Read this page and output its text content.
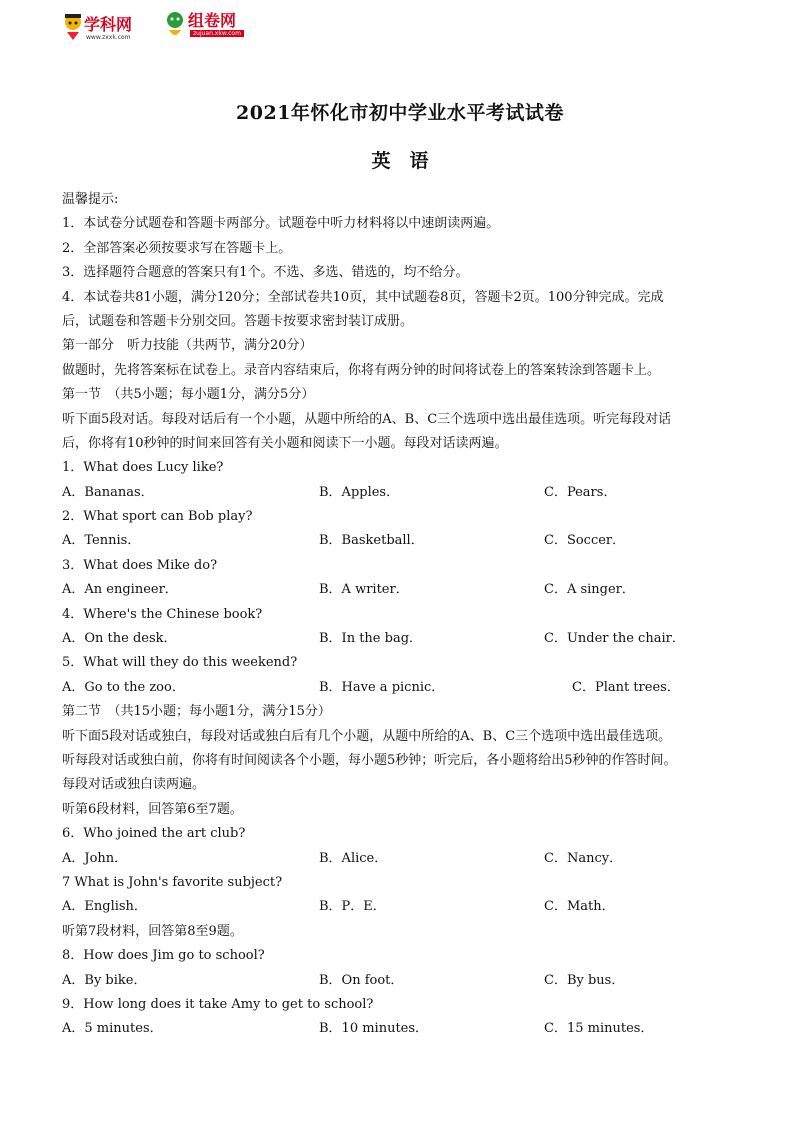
学科网
www.zxxk.com
组卷网
zujuan.xkw.com
2021年怀化市初中学业水平考试试卷
英　语
温馨提示:
1．本试卷分试题卷和答题卡两部分。试题卷中听力材料将以中速朗读两遍。
2．全部答案必须按要求写在答题卡上。
3．选择题符合题意的答案只有1个。不选、多选、错选的，均不给分。
4．本试卷共81小题，满分120分；全部试卷共10页，其中试题卷8页，答题卡2页。100分钟完成。完成
后，试题卷和答题卡分别交回。答题卡按要求密封装订成册。
第一部分　听力技能（共两节，满分20分）
做题时，先将答案标在试卷上。录音内容结束后，你将有两分钟的时间将试卷上的答案转涂到答题卡上。
第一节　（共5小题；每小题1分，满分5分）
听下面5段对话。每段对话后有一个小题，从题中所给的A、B、C三个选项中选出最佳选项。听完每段对话
后，你将有10秒钟的时间来回答有关小题和阅读下一小题。每段对话读两遍。
1．What does Lucy like?
A．Bananas．	B．Apples．	C．Pears．
2．What sport can Bob play?
A．Tennis．	B．Basketball．	C．Soccer．
3．What does Mike do?
A．An engineer．	B．A writer．	C．A singer．
4．Where's the Chinese book?
A．On the desk．	B．In the bag．	C．Under the chair．
5．What will they do this weekend?
A．Go to the zoo．	B．Have a picnic．	C．Plant trees．
第二节　（共15小题；每小题1分，满分15分）
听下面5段对话或独白，每段对话或独白后有几个小题，从题中所给的A、B、C三个选项中选出最佳选项。
听每段对话或独白前，你将有时间阅读各个小题，每小题5秒钟；听完后，各小题将给出5秒钟的作答时间。
每段对话或独白读两遍。
听第6段材料，回答第6至7题。
6．Who joined the art club?
A．John．	B．Alice．	C．Nancy．
7 What is John's favorite subject?
A．English．	B．P．E．	C．Math．
听第7段材料，回答第8至9题。
8．How does Jim go to school?
A．By bike．	B．On foot．	C．By bus．
9．How long does it take Amy to get to school?
A．5 minutes．	B．10 minutes．	C．15 minutes．
